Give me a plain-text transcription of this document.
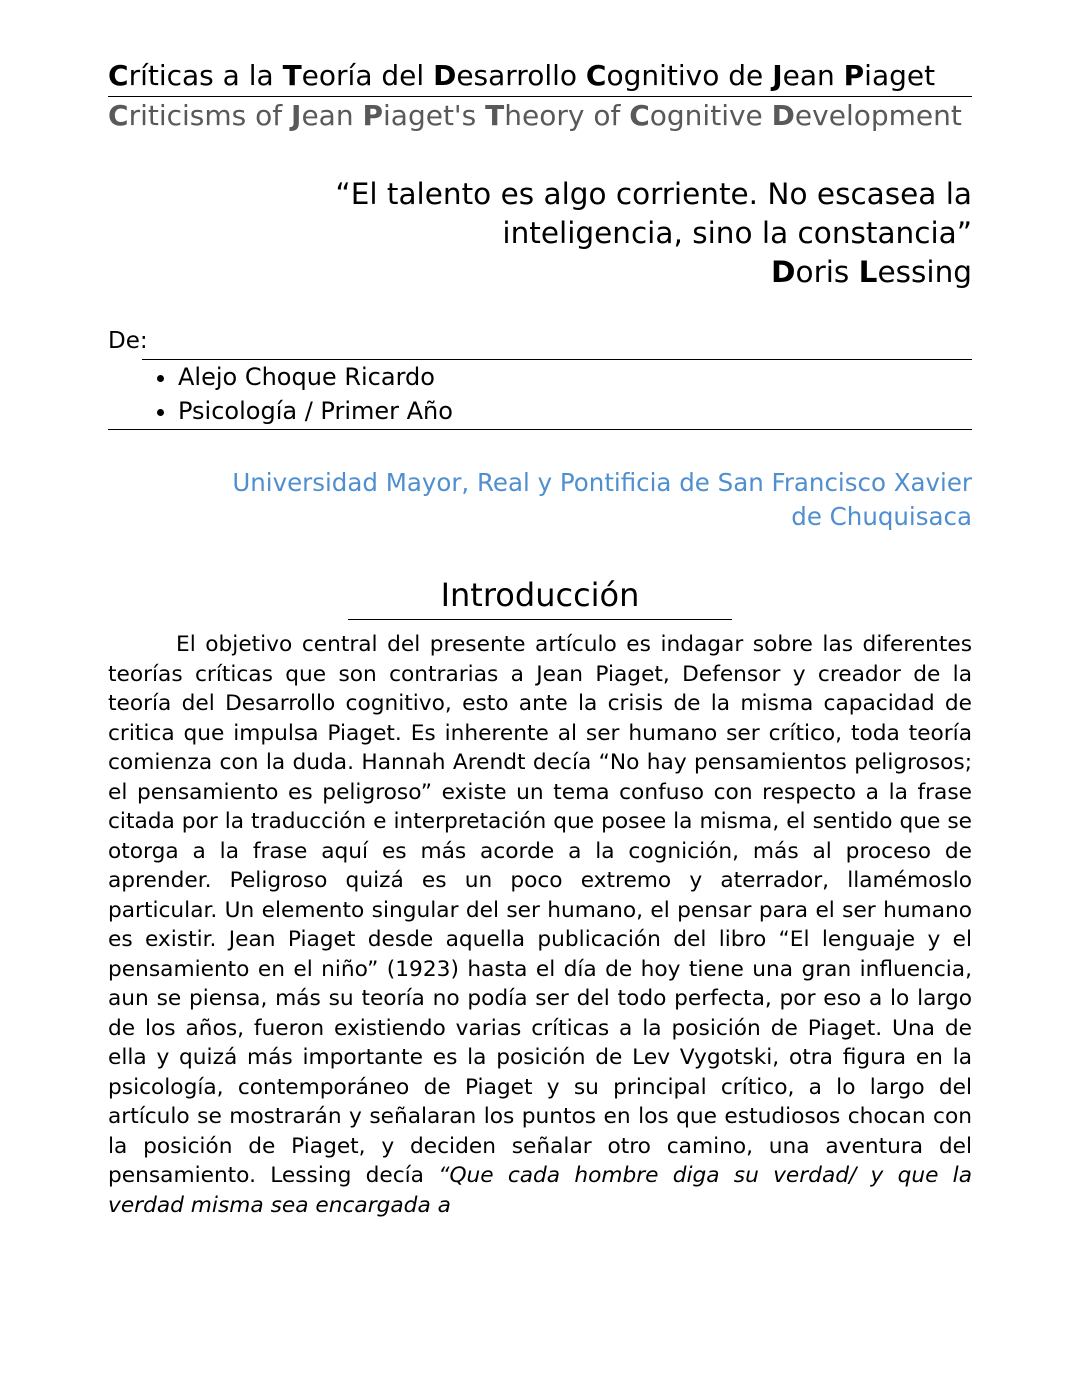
Críticas a la Teoría del Desarrollo Cognitivo de Jean Piaget
Criticisms of Jean Piaget's Theory of Cognitive Development
“El talento es algo corriente. No escasea la
inteligencia, sino la constancia”
Doris Lessing
De:
• Alejo Choque Ricardo
• Psicología / Primer Año
Universidad Mayor, Real y Pontificia de San Francisco Xavier
de Chuquisaca
Introducción

El objetivo central del presente artículo es indagar sobre las diferentes teorías críticas que son contrarias a Jean Piaget, Defensor y creador de la teoría del Desarrollo cognitivo, esto ante la crisis de la misma capacidad de critica que impulsa Piaget. Es inherente al ser humano ser crítico, toda teoría comienza con la duda. Hannah Arendt decía “No hay pensamientos peligrosos; el pensamiento es peligroso” existe un tema confuso con respecto a la frase citada por la traducción e interpretación que posee la misma, el sentido que se otorga a la frase aquí es más acorde a la cognición, más al proceso de aprender. Peligroso quizá es un poco extremo y aterrador, llamémoslo particular. Un elemento singular del ser humano, el pensar para el ser humano es existir. Jean Piaget desde aquella publicación del libro “El lenguaje y el pensamiento en el niño” (1923) hasta el día de hoy tiene una gran influencia, aun se piensa, más su teoría no podía ser del todo perfecta, por eso a lo largo de los años, fueron existiendo varias críticas a la posición de Piaget. Una de ella y quizá más importante es la posición de Lev Vygotski, otra figura en la psicología, contemporáneo de Piaget y su principal crítico, a lo largo del artículo se mostrarán y señalaran los puntos en los que estudiosos chocan con la posición de Piaget, y deciden señalar otro camino, una aventura del pensamiento. Lessing decía “Que cada hombre diga su verdad/ y que la verdad misma sea encargada a
